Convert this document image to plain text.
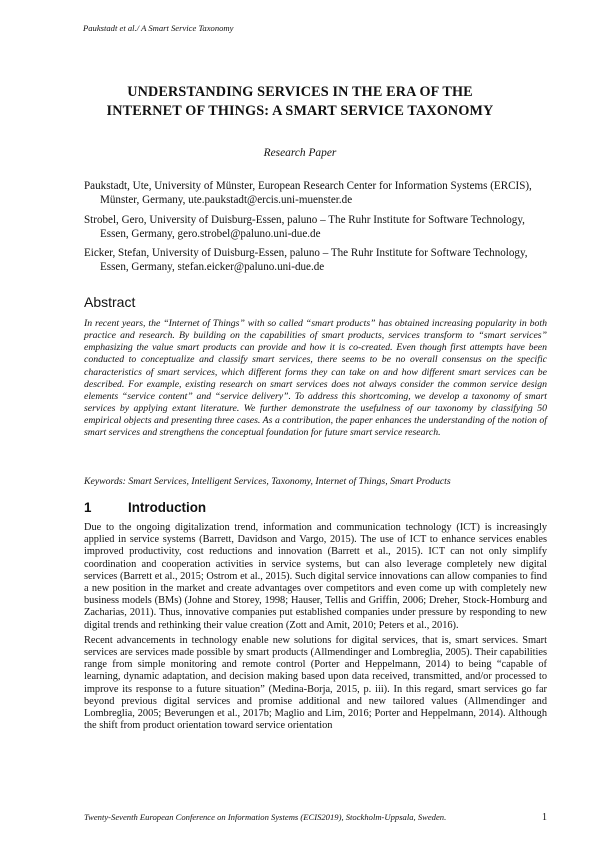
Paukstadt et al./ A Smart Service Taxonomy
UNDERSTANDING SERVICES IN THE ERA OF THE
INTERNET OF THINGS: A SMART SERVICE TAXONOMY
Research Paper
Paukstadt, Ute, University of Münster, European Research Center for Information Systems (ERCIS), Münster, Germany, ute.paukstadt@ercis.uni-muenster.de
Strobel, Gero, University of Duisburg-Essen, paluno – The Ruhr Institute for Software Technology, Essen, Germany, gero.strobel@paluno.uni-due.de
Eicker, Stefan, University of Duisburg-Essen, paluno – The Ruhr Institute for Software Technology, Essen, Germany, stefan.eicker@paluno.uni-due.de
Abstract

In recent years, the “Internet of Things” with so called “smart products” has obtained increasing popularity in both practice and research. By building on the capabilities of smart products, services transform to “smart services” emphasizing the value smart products can provide and how it is co-created. Even though first attempts have been conducted to conceptualize and classify smart services, there seems to be no overall consensus on the specific characteristics of smart services, which different forms they can take on and how different smart services can be described. For example, existing research on smart services does not always consider the common service design elements “service content” and “service delivery”. To address this shortcoming, we develop a taxonomy of smart services by applying extant literature. We further demonstrate the usefulness of our taxonomy by classifying 50 empirical objects and presenting three cases. As a contribution, the paper enhances the understanding of the notion of smart services and strengthens the conceptual foundation for future smart service research.

Keywords: Smart Services, Intelligent Services, Taxonomy, Internet of Things, Smart Products
1	Introduction

Due to the ongoing digitalization trend, information and communication technology (ICT) is increasingly applied in service systems (Barrett, Davidson and Vargo, 2015). The use of ICT to enhance services enables improved productivity, cost reductions and innovation (Barrett et al., 2015). ICT can not only simplify coordination and cooperation activities in service systems, but can also leverage completely new digital services (Barrett et al., 2015; Ostrom et al., 2015). Such digital service innovations can allow companies to find a new position in the market and create advantages over competitors and even come up with completely new business models (BMs) (Johne and Storey, 1998; Hauser, Tellis and Griffin, 2006; Dreher, Stock-Homburg and Zacharias, 2011). Thus, innovative companies put established companies under pressure by responding to new digital trends and rethinking their value creation (Zott and Amit, 2010; Peters et al., 2016).

Recent advancements in technology enable new solutions for digital services, that is, smart services. Smart services are services made possible by smart products (Allmendinger and Lombreglia, 2005). Their capabilities range from simple monitoring and remote control (Porter and Heppelmann, 2014) to being “capable of learning, dynamic adaptation, and decision making based upon data received, transmitted, and/or processed to improve its response to a future situation” (Medina-Borja, 2015, p. iii). In this regard, smart services go far beyond previous digital services and promise additional and new tailored values (Allmendinger and Lombreglia, 2005; Beverungen et al., 2017b; Maglio and Lim, 2016; Porter and Heppelmann, 2014). Although the shift from product orientation toward service orientation

Twenty-Seventh European Conference on Information Systems (ECIS2019), Stockholm-Uppsala, Sweden.	1
